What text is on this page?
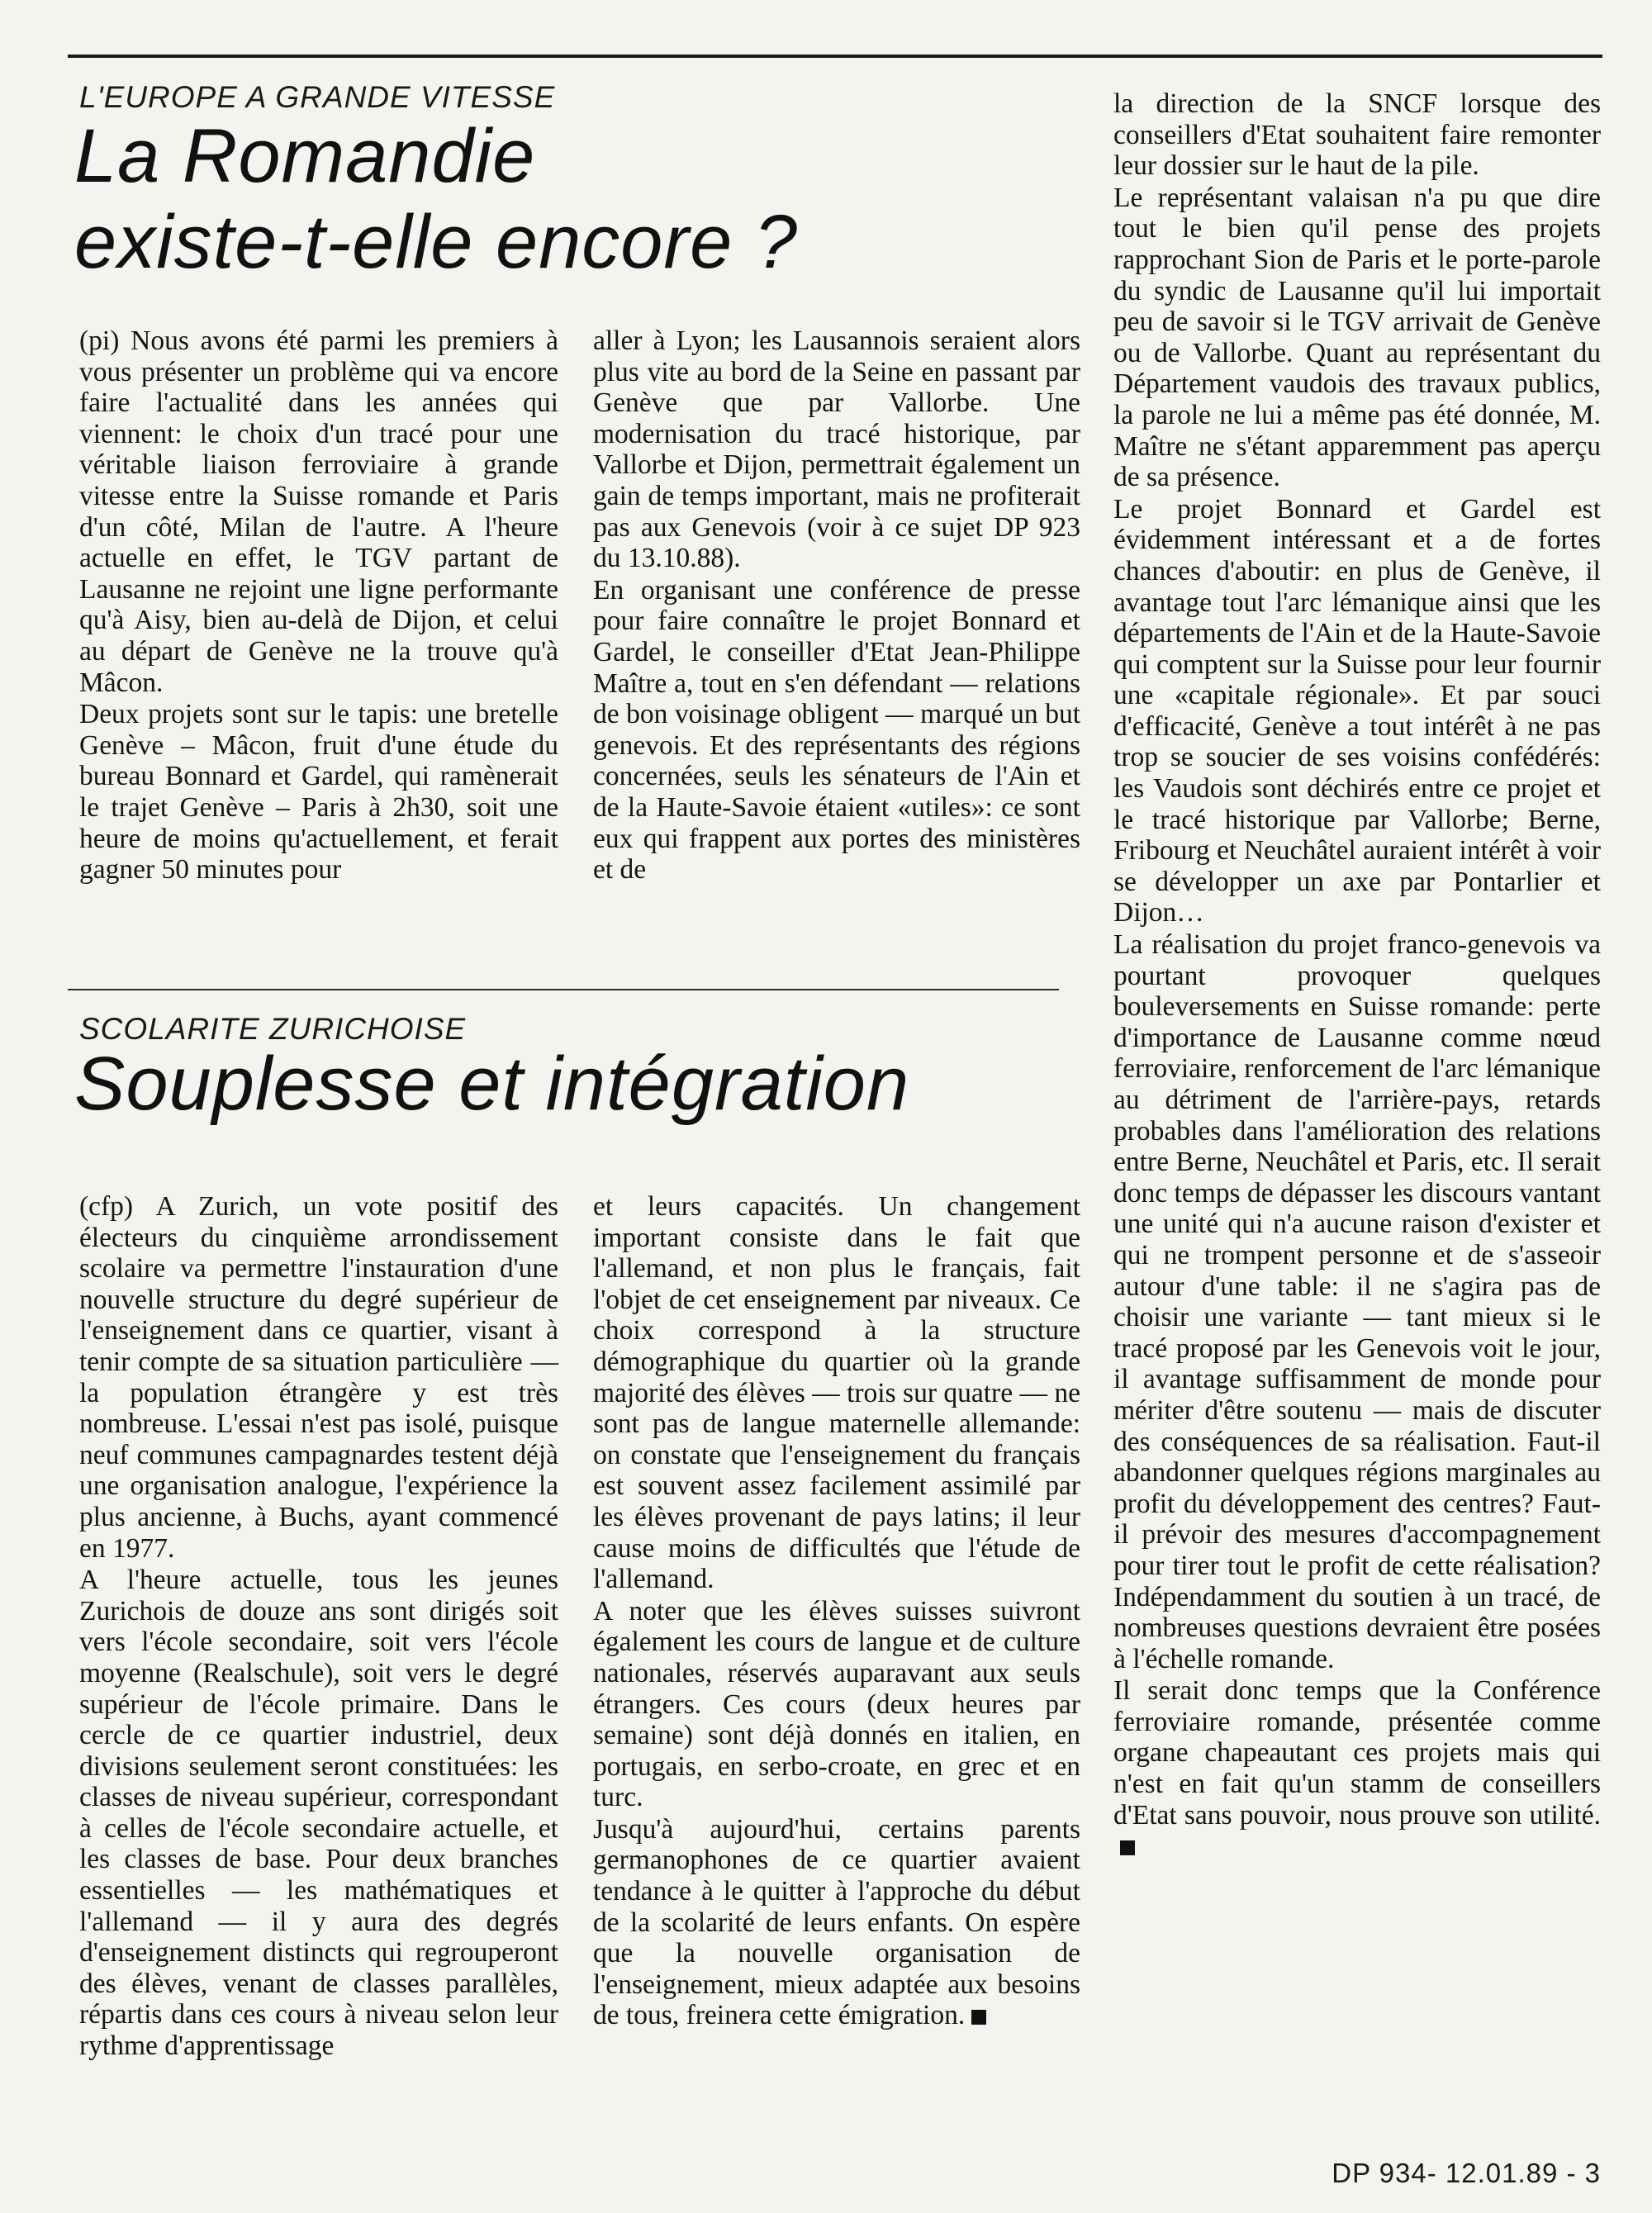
L'EUROPE A GRANDE VITESSE
La Romandie
existe-t-elle encore ?

(pi) Nous avons été parmi les premiers à vous présenter un problème qui va encore faire l'actualité dans les années qui viennent: le choix d'un tracé pour une véritable liaison ferroviaire à grande vitesse entre la Suisse romande et Paris d'un côté, Milan de l'autre. A l'heure actuelle en effet, le TGV partant de Lausanne ne rejoint une ligne performante qu'à Aisy, bien au-delà de Dijon, et celui au départ de Genève ne la trouve qu'à Mâcon.

Deux projets sont sur le tapis: une bretelle Genève – Mâcon, fruit d'une étude du bureau Bonnard et Gardel, qui ramènerait le trajet Genève – Paris à 2h30, soit une heure de moins qu'actuellement, et ferait gagner 50 minutes pour

aller à Lyon; les Lausannois seraient alors plus vite au bord de la Seine en passant par Genève que par Vallorbe. Une modernisation du tracé historique, par Vallorbe et Dijon, permettrait également un gain de temps important, mais ne profiterait pas aux Genevois (voir à ce sujet DP 923 du 13.10.88).

En organisant une conférence de presse pour faire connaître le projet Bonnard et Gardel, le conseiller d'Etat Jean-Philippe Maître a, tout en s'en défendant — relations de bon voisinage obligent — marqué un but genevois. Et des représentants des régions concernées, seuls les sénateurs de l'Ain et de la Haute-Savoie étaient «utiles»: ce sont eux qui frappent aux portes des ministères et de

la direction de la SNCF lorsque des conseillers d'Etat souhaitent faire remonter leur dossier sur le haut de la pile.

Le représentant valaisan n'a pu que dire tout le bien qu'il pense des projets rapprochant Sion de Paris et le porte-parole du syndic de Lausanne qu'il lui importait peu de savoir si le TGV arrivait de Genève ou de Vallorbe. Quant au représentant du Département vaudois des travaux publics, la parole ne lui a même pas été donnée, M. Maître ne s'étant apparemment pas aperçu de sa présence.

Le projet Bonnard et Gardel est évidemment intéressant et a de fortes chances d'aboutir: en plus de Genève, il avantage tout l'arc lémanique ainsi que les départements de l'Ain et de la Haute-Savoie qui comptent sur la Suisse pour leur fournir une «capitale régionale». Et par souci d'efficacité, Genève a tout intérêt à ne pas trop se soucier de ses voisins confédérés: les Vaudois sont déchirés entre ce projet et le tracé historique par Vallorbe; Berne, Fribourg et Neuchâtel auraient intérêt à voir se développer un axe par Pontarlier et Dijon…

La réalisation du projet franco-genevois va pourtant provoquer quelques bouleversements en Suisse romande: perte d'importance de Lausanne comme nœud ferroviaire, renforcement de l'arc lémanique au détriment de l'arrière-pays, retards probables dans l'amélioration des relations entre Berne, Neuchâtel et Paris, etc. Il serait donc temps de dépasser les discours vantant une unité qui n'a aucune raison d'exister et qui ne trompent personne et de s'asseoir autour d'une table: il ne s'agira pas de choisir une variante — tant mieux si le tracé proposé par les Genevois voit le jour, il avantage suffisamment de monde pour mériter d'être soutenu — mais de discuter des conséquences de sa réalisation. Faut-il abandonner quelques régions marginales au profit du développement des centres? Faut-il prévoir des mesures d'accompagnement pour tirer tout le profit de cette réalisation? Indépendamment du soutien à un tracé, de nombreuses questions devraient être posées à l'échelle romande.

Il serait donc temps que la Conférence ferroviaire romande, présentée comme organe chapeautant ces projets mais qui n'est en fait qu'un stamm de conseillers d'Etat sans pouvoir, nous prouve son utilité.

SCOLARITE ZURICHOISE
Souplesse et intégration

(cfp) A Zurich, un vote positif des électeurs du cinquième arrondissement scolaire va permettre l'instauration d'une nouvelle structure du degré supérieur de l'enseignement dans ce quartier, visant à tenir compte de sa situation particulière — la population étrangère y est très nombreuse. L'essai n'est pas isolé, puisque neuf communes campagnardes testent déjà une organisation analogue, l'expérience la plus ancienne, à Buchs, ayant commencé en 1977.

A l'heure actuelle, tous les jeunes Zurichois de douze ans sont dirigés soit vers l'école secondaire, soit vers l'école moyenne (Realschule), soit vers le degré supérieur de l'école primaire. Dans le cercle de ce quartier industriel, deux divisions seulement seront constituées: les classes de niveau supérieur, correspondant à celles de l'école secondaire actuelle, et les classes de base. Pour deux branches essentielles — les mathématiques et l'allemand — il y aura des degrés d'enseignement distincts qui regrouperont des élèves, venant de classes parallèles, répartis dans ces cours à niveau selon leur rythme d'apprentissage

et leurs capacités. Un changement important consiste dans le fait que l'allemand, et non plus le français, fait l'objet de cet enseignement par niveaux. Ce choix correspond à la structure démographique du quartier où la grande majorité des élèves — trois sur quatre — ne sont pas de langue maternelle allemande: on constate que l'enseignement du français est souvent assez facilement assimilé par les élèves provenant de pays latins; il leur cause moins de difficultés que l'étude de l'allemand.

A noter que les élèves suisses suivront également les cours de langue et de culture nationales, réservés auparavant aux seuls étrangers. Ces cours (deux heures par semaine) sont déjà donnés en italien, en portugais, en serbo-croate, en grec et en turc.

Jusqu'à aujourd'hui, certains parents germanophones de ce quartier avaient tendance à le quitter à l'approche du début de la scolarité de leurs enfants. On espère que la nouvelle organisation de l'enseignement, mieux adaptée aux besoins de tous, freinera cette émigration.

DP 934- 12.01.89 - 3
